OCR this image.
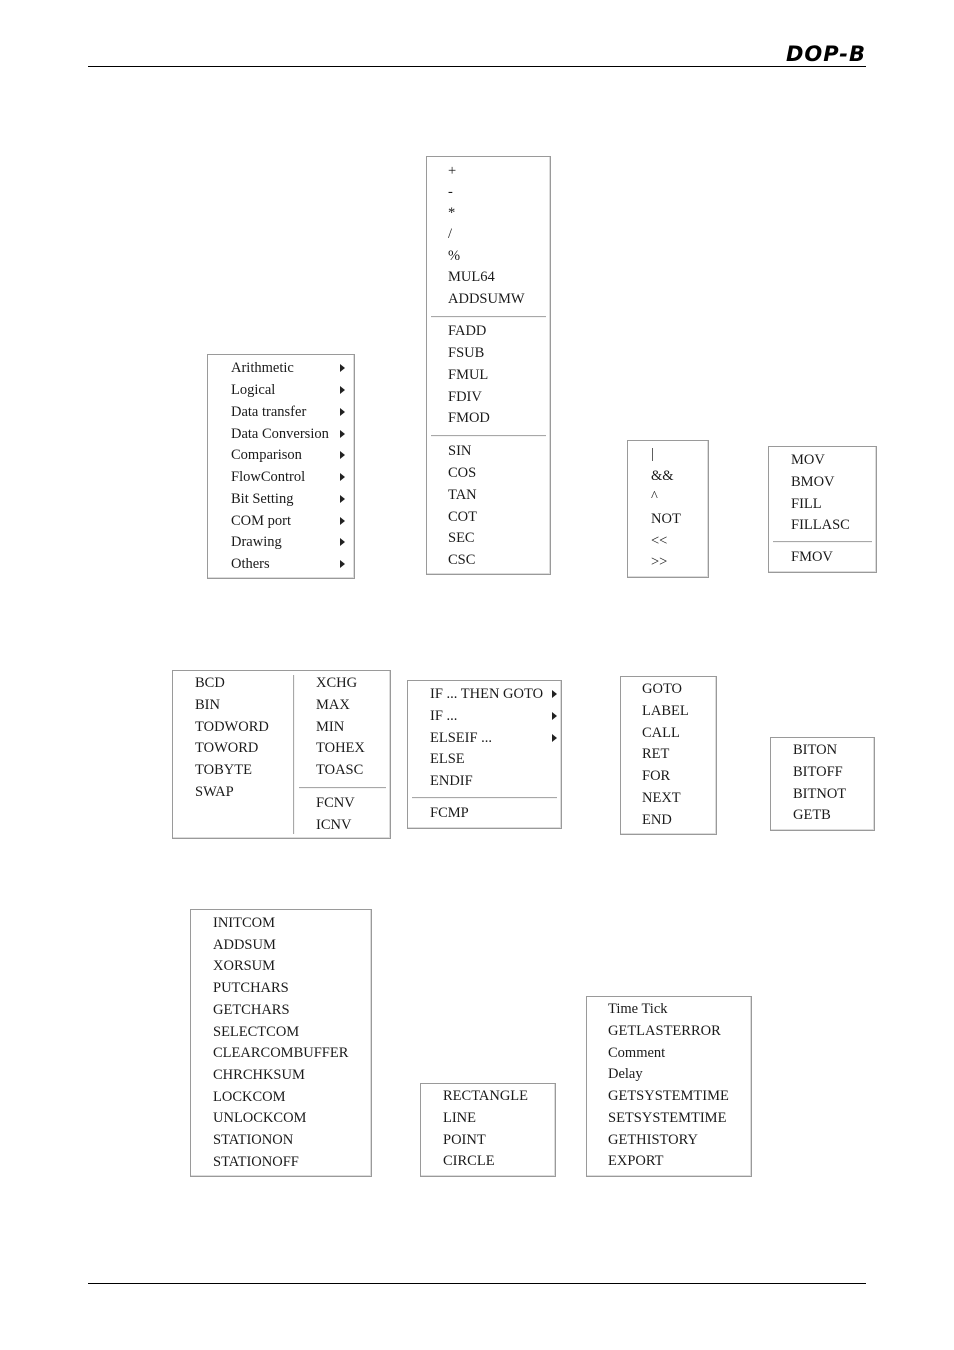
DOP-B
Arithmetic
Logical
Data transfer
Data Conversion
Comparison
FlowControl
Bit Setting
COM port
Drawing
Others
+
-
*
/
%
MUL64
ADDSUMW
FADD
FSUB
FMUL
FDIV
FMOD
SIN
COS
TAN
COT
SEC
CSC
|
&&
^
NOT
<<
>>
MOV
BMOV
FILL
FILLASC
FMOV
BCD
BIN
TODWORD
TOWORD
TOBYTE
SWAP
XCHG
MAX
MIN
TOHEX
TOASC
FCNV
ICNV
IF ... THEN GOTO
IF ...
ELSEIF ...
ELSE
ENDIF
FCMP
GOTO
LABEL
CALL
RET
FOR
NEXT
END
BITON
BITOFF
BITNOT
GETB
INITCOM
ADDSUM
XORSUM
PUTCHARS
GETCHARS
SELECTCOM
CLEARCOMBUFFER
CHRCHKSUM
LOCKCOM
UNLOCKCOM
STATIONON
STATIONOFF
RECTANGLE
LINE
POINT
CIRCLE
Time Tick
GETLASTERROR
Comment
Delay
GETSYSTEMTIME
SETSYSTEMTIME
GETHISTORY
EXPORT
